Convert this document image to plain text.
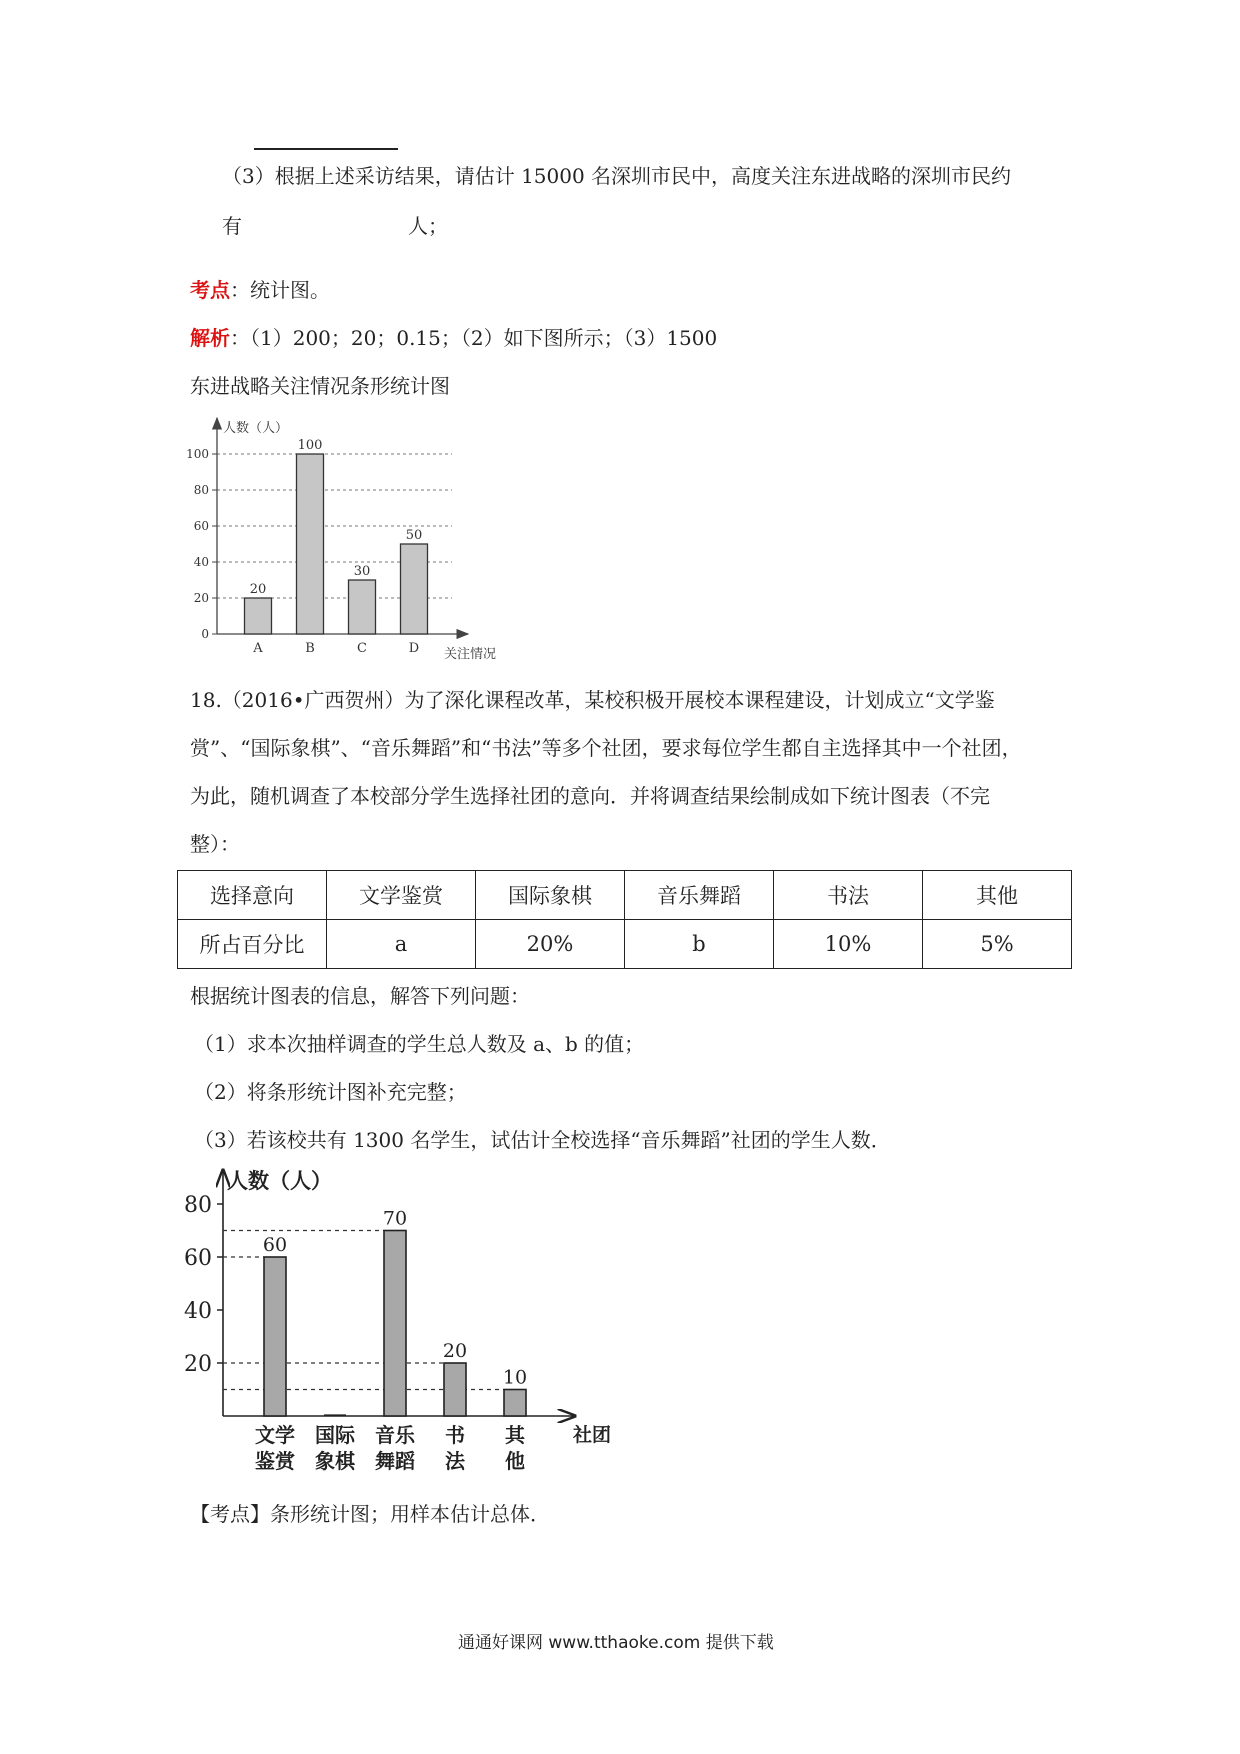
（3）根据上述采访结果，请估计 15000 名深圳市民中，高度关注东进战略的深圳市民约
有	人；
考点：统计图。
解析：（1）200；20；0.15；（2）如下图所示；（3）1500
东进战略关注情况条形统计图
0
20
40
60
80
100
人数（人）
关注情况
20
A
100
B
30
C
50
D
18.（2016•广西贺州）为了深化课程改革，某校积极开展校本课程建设，计划成立“文学鉴
赏”、“国际象棋”、“音乐舞蹈”和“书法”等多个社团，要求每位学生都自主选择其中一个社团，
为此，随机调查了本校部分学生选择社团的意向．并将调查结果绘制成如下统计图表（不完
整）：
选择意向	文学鉴赏	国际象棋	音乐舞蹈	书法	其他
所占百分比	a	20%	b	10%	5%
根据统计图表的信息，解答下列问题：
（1）求本次抽样调查的学生总人数及 a、b 的值；
（2）将条形统计图补充完整；
（3）若该校共有 1300 名学生，试估计全校选择“音乐舞蹈”社团的学生人数．
20
40
60
80
人数（人）
社团
60
文学
鉴赏
国际
象棋
70
音乐
舞蹈
20
书
法
10
其
他
【考点】条形统计图；用样本估计总体．
通通好课网 www.tthaoke.com 提供下载
